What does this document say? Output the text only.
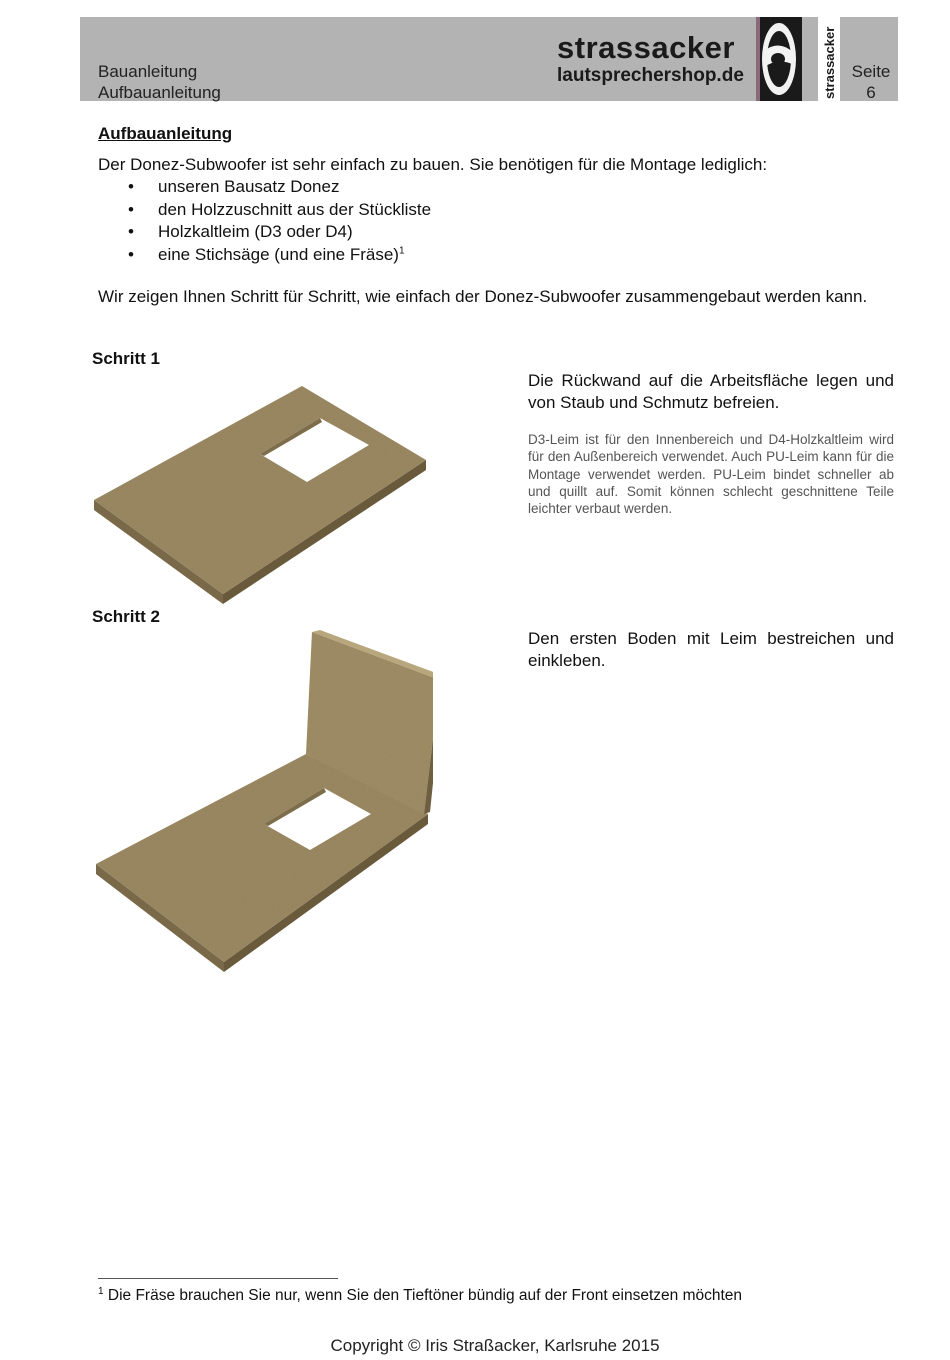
Bauanleitung
Aufbauanleitung
strassacker
lautsprechershop.de	strassacker Seite
6
Aufbauanleitung
Der Donez-Subwoofer ist sehr einfach zu bauen. Sie benötigen für die Montage lediglich:
• unseren Bausatz Donez
• den Holzzuschnitt aus der Stückliste
• Holzkaltleim (D3 oder D4)
• eine Stichsäge (und eine Fräse)$^1$
Wir zeigen Ihnen Schritt für Schritt, wie einfach der Donez-Subwoofer zusammengebaut werden kann.
Schritt 1
Die Rückwand auf die Arbeitsfläche legen und von Staub und Schmutz befreien.
D3-Leim ist für den Innenbereich und D4-Holzkaltleim wird für den Außenbereich verwendet. Auch PU-Leim kann für die Montage verwendet werden. PU-Leim bindet schneller ab und quillt auf. Somit können schlecht geschnittene Teile leichter verbaut werden.
Schritt 2
Den ersten Boden mit Leim bestreichen und einkleben.
$^1$ Die Fräse brauchen Sie nur, wenn Sie den Tieftöner bündig auf der Front einsetzen möchten
Copyright © Iris Straßacker, Karlsruhe 2015
